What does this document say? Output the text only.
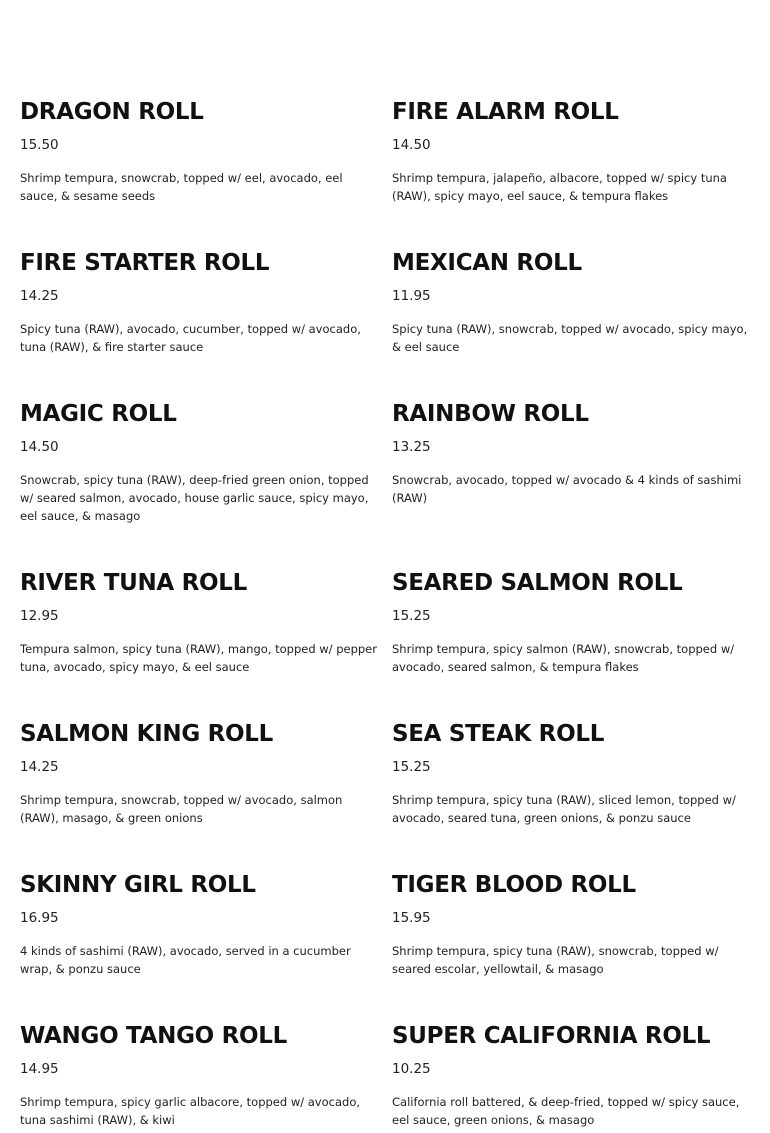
DRAGON ROLL
15.50
Shrimp tempura, snowcrab, topped w/ eel, avocado, eel sauce, & sesame seeds
FIRE STARTER ROLL
14.25
Spicy tuna (RAW), avocado, cucumber, topped w/ avocado, tuna (RAW), & fire starter sauce
MAGIC ROLL
14.50
Snowcrab, spicy tuna (RAW), deep-fried green onion, topped w/ seared salmon, avocado, house garlic sauce, spicy mayo, eel sauce, & masago
RIVER TUNA ROLL
12.95
Tempura salmon, spicy tuna (RAW), mango, topped w/ pepper tuna, avocado, spicy mayo, & eel sauce
SALMON KING ROLL
14.25
Shrimp tempura, snowcrab, topped w/ avocado, salmon (RAW), masago, & green onions
SKINNY GIRL ROLL
16.95
4 kinds of sashimi (RAW), avocado, served in a cucumber wrap, & ponzu sauce
WANGO TANGO ROLL
14.95
Shrimp tempura, spicy garlic albacore, topped w/ avocado, tuna sashimi (RAW), & kiwi
FIRE ALARM ROLL
14.50
Shrimp tempura, jalapeño, albacore, topped w/ spicy tuna (RAW), spicy mayo, eel sauce, & tempura flakes
MEXICAN ROLL
11.95
Spicy tuna (RAW), snowcrab, topped w/ avocado, spicy mayo, & eel sauce
RAINBOW ROLL
13.25
Snowcrab, avocado, topped w/ avocado & 4 kinds of sashimi (RAW)
SEARED SALMON ROLL
15.25
Shrimp tempura, spicy salmon (RAW), snowcrab, topped w/ avocado, seared salmon, & tempura flakes
SEA STEAK ROLL
15.25
Shrimp tempura, spicy tuna (RAW), sliced lemon, topped w/ avocado, seared tuna, green onions, & ponzu sauce
TIGER BLOOD ROLL
15.95
Shrimp tempura, spicy tuna (RAW), snowcrab, topped w/ seared escolar, yellowtail, & masago
SUPER CALIFORNIA ROLL
10.25
California roll battered, & deep-fried, topped w/ spicy sauce, eel sauce, green onions, & masago
